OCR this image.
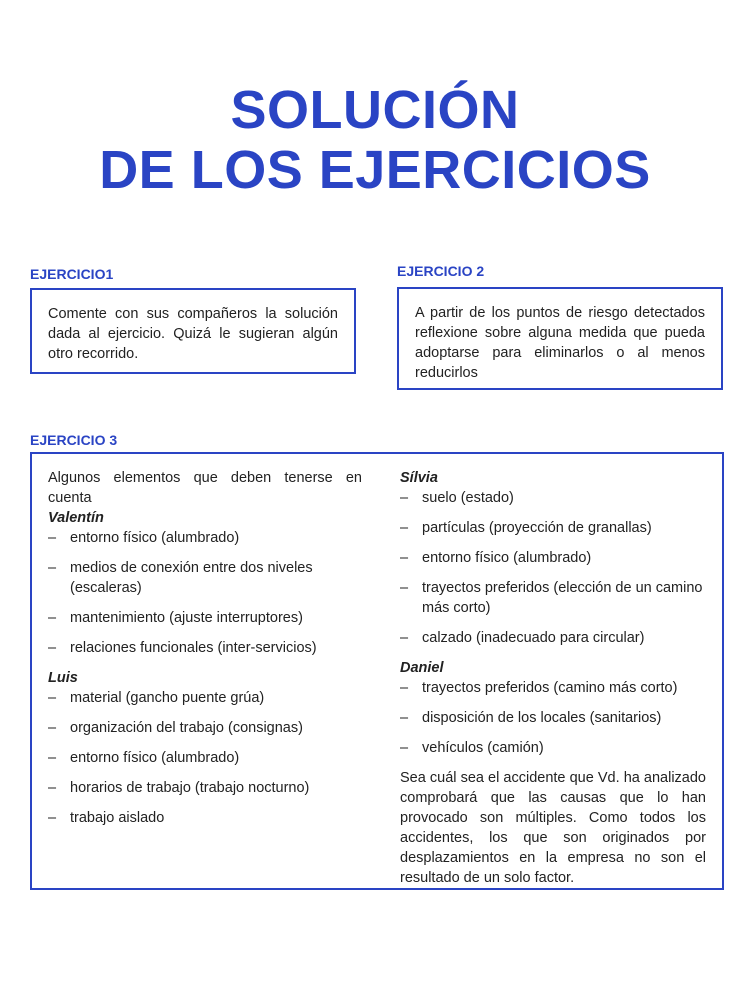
SOLUCIÓN
DE LOS EJERCICIOS
EJERCICIO1

Comente con sus compañeros la solución dada al ejercicio. Quizá le sugieran algún otro recorrido.

EJERCICIO 2

A partir de los puntos de riesgo detectados reflexione sobre alguna medida que pueda adoptarse para eliminarlos o al menos reducirlos

EJERCICIO 3

Algunos elementos que deben tenerse en cuenta

Valentín

– entorno físico (alumbrado)
– medios de conexión entre dos niveles (escaleras)
– mantenimiento (ajuste interruptores)
– relaciones funcionales (inter-servicios)

Luis

– material (gancho puente grúa)
– organización del trabajo (consignas)
– entorno físico (alumbrado)
– horarios de trabajo (trabajo nocturno)
– trabajo aislado

Sílvia

– suelo (estado)
– partículas (proyección de granallas)
– entorno físico (alumbrado)
– trayectos preferidos (elección de un camino más corto)
– calzado (inadecuado para circular)

Daniel

– trayectos preferidos (camino más corto)
– disposición de los locales (sanitarios)
– vehículos (camión)

Sea cuál sea el accidente que Vd. ha analizado comprobará que las causas que lo han provocado son múltiples. Como todos los accidentes, los que son originados por desplazamientos en la empresa no son el resultado de un solo factor.
